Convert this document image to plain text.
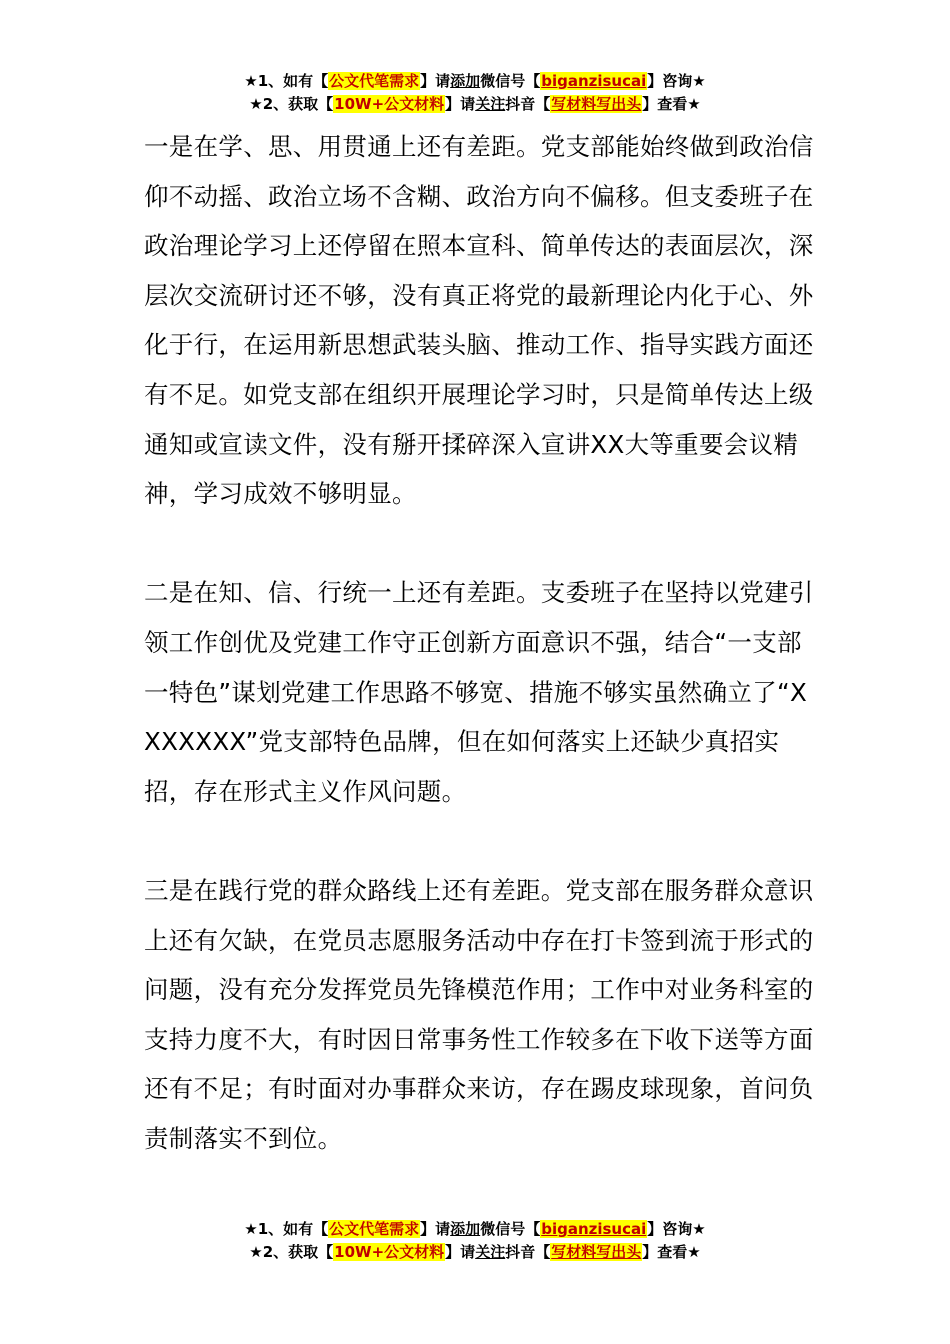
★1、如有【公文代笔需求】请添加微信号【biganzisucai】咨询★
★2、获取【10W+公文材料】请关注抖音【写材料写出头】查看★

一是在学、思、用贯通上还有差距。党支部能始终做到政治信仰不动摇、政治立场不含糊、政治方向不偏移。但支委班子在政治理论学习上还停留在照本宣科、简单传达的表面层次，深层次交流研讨还不够，没有真正将党的最新理论内化于心、外化于行，在运用新思想武装头脑、推动工作、指导实践方面还有不足。如党支部在组织开展理论学习时，只是简单传达上级通知或宣读文件，没有掰开揉碎深入宣讲XX大等重要会议精神，学习成效不够明显。

二是在知、信、行统一上还有差距。支委班子在坚持以党建引领工作创优及党建工作守正创新方面意识不强，结合“一支部一特色”谋划党建工作思路不够宽、措施不够实虽然确立了“XXXXXXX”党支部特色品牌，但在如何落实上还缺少真招实招，存在形式主义作风问题。

三是在践行党的群众路线上还有差距。党支部在服务群众意识上还有欠缺，在党员志愿服务活动中存在打卡签到流于形式的问题，没有充分发挥党员先锋模范作用；工作中对业务科室的支持力度不大，有时因日常事务性工作较多在下收下送等方面还有不足；有时面对办事群众来访，存在踢皮球现象，首问负责制落实不到位。

★1、如有【公文代笔需求】请添加微信号【biganzisucai】咨询★
★2、获取【10W+公文材料】请关注抖音【写材料写出头】查看★
